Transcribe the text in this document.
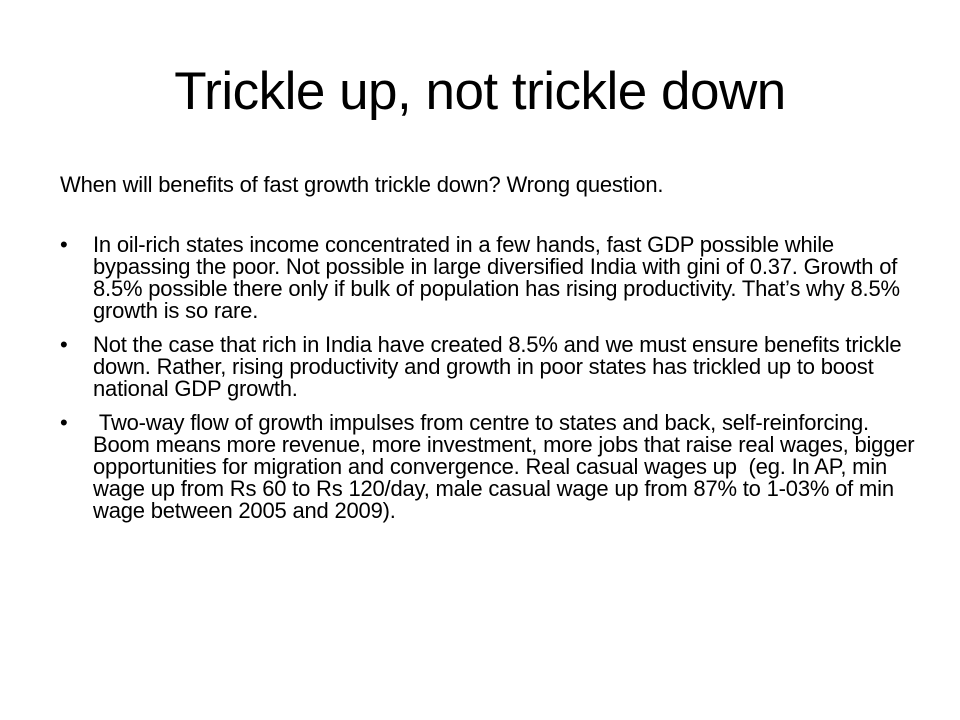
Trickle up, not trickle down

When will benefits of fast growth trickle down? Wrong question.

• In oil-rich states income concentrated in a few hands, fast GDP possible while bypassing the poor. Not possible in large diversified India with gini of 0.37. Growth of 8.5% possible there only if bulk of population has rising productivity. That’s why 8.5% growth is so rare.
• Not the case that rich in India have created 8.5% and we must ensure benefits trickle down. Rather, rising productivity and growth in poor states has trickled up to boost national GDP growth.
• Two-way flow of growth impulses from centre to states and back, self-reinforcing. Boom means more revenue, more investment, more jobs that raise real wages, bigger opportunities for migration and convergence. Real casual wages up  (eg. In AP, min wage up from Rs 60 to Rs 120/day, male casual wage up from 87% to 1-03% of min wage between 2005 and 2009).
